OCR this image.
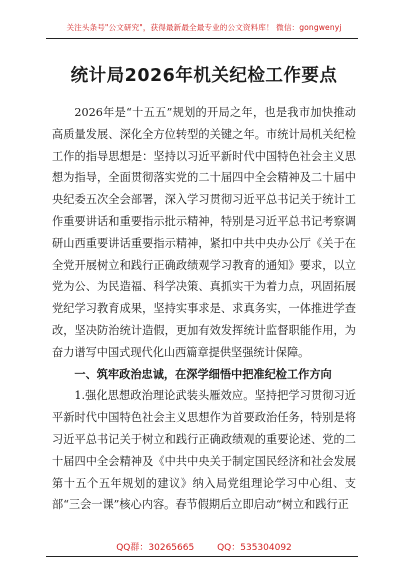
关注头条号"公文研究"，获得最新最全最专业的公文资料库！ 微信：gongwenyj
统计局2026年机关纪检工作要点

2026年是“十五五”规划的开局之年，也是我市加快推动高质量发展、深化全方位转型的关键之年。市统计局机关纪检工作的指导思想是：坚持以习近平新时代中国特色社会主义思想为指导，全面贯彻落实党的二十届四中全会精神及二十届中央纪委五次全会部署，深入学习贯彻习近平总书记关于统计工作重要讲话和重要指示批示精神，特别是习近平总书记考察调研山西重要讲话重要指示精神，紧扣中共中央办公厅《关于在全党开展树立和践行正确政绩观学习教育的通知》要求，以立党为公、为民造福、科学决策、真抓实干为着力点，巩固拓展党纪学习教育成果，坚持实事求是、求真务实，一体推进学查改，坚决防治统计造假，更加有效发挥统计监督职能作用，为奋力谱写中国式现代化山西篇章提供坚强统计保障。

一、筑牢政治忠诚，在深学细悟中把准纪检工作方向

1.强化思想政治理论武装头雁效应。坚持把学习贯彻习近平新时代中国特色社会主义思想作为首要政治任务，特别是将习近平总书记关于树立和践行正确政绩观的重要论述、党的二十届四中全会精神及《中共中央关于制定国民经济和社会发展第十五个五年规划的建议》纳入局党组理论学习中心组、支部“三会一课”核心内容。春节假期后立即启动“树立和践行正

QQ群：30265665	QQ：535304092
